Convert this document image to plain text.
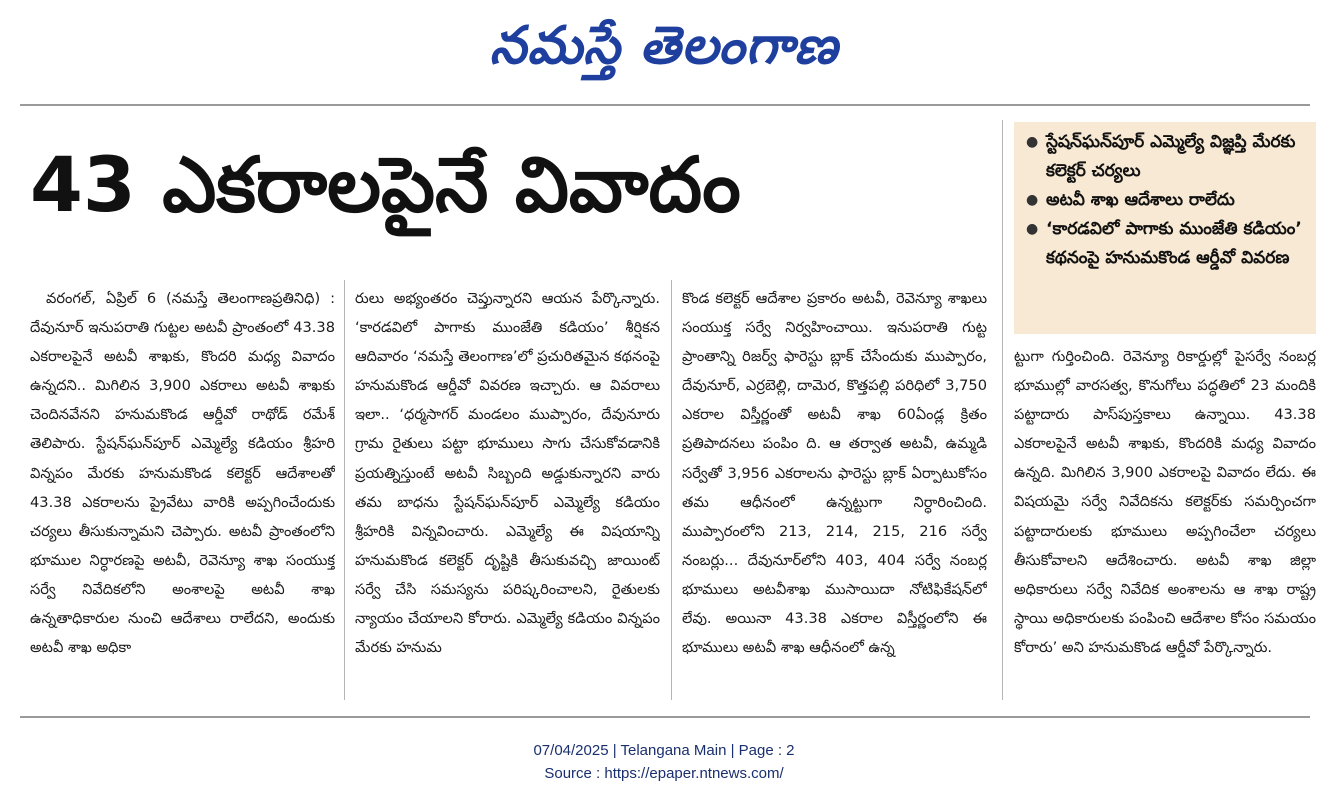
నమస్తే తెలంగాణ
43 ఎకరాలపైనే వివాదం	● స్టేషన్‌ఘన్‌పూర్ ఎమ్మెల్యే విజ్ఞప్తి మేరకు కలెక్టర్ చర్యలు
● అటవీ శాఖ ఆదేశాలు రాలేదు
● ‘కారడవిలో పాగాకు ముంజేతి కడియం’ కథనంపై హనుమకొండ ఆర్డీవో వివరణ

వరంగల్, ఏప్రిల్ 6 (నమస్తే తెలంగాణప్రతినిధి) : దేవునూర్ ఇనుపరాతి గుట్టల అటవీ ప్రాంతంలో 43.38 ఎకరాలపైనే అటవీ శాఖకు, కొందరి మధ్య వివాదం ఉన్నదని.. మిగిలిన 3,900 ఎకరాలు అటవీ శాఖకు చెందినవేనని హనుమకొండ ఆర్డీవో రాథోడ్ రమేశ్ తెలిపారు. స్టేషన్‌ఘన్‌పూర్ ఎమ్మెల్యే కడియం శ్రీహరి విన్నపం మేరకు హనుమకొండ కలెక్టర్ ఆదేశాలతో 43.38 ఎకరాలను ప్రైవేటు వారికి అప్పగించేందుకు చర్యలు తీసుకున్నామని చెప్పారు. అటవీ ప్రాంతంలోని భూముల నిర్ధారణపై అటవీ, రెవెన్యూ శాఖ సంయుక్త సర్వే నివేదికలోని అంశాలపై అటవీ శాఖ ఉన్నతాధికారుల నుంచి ఆదేశాలు రాలేదని, అందుకు అటవీ శాఖ అధికా

రులు అభ్యంతరం చెప్తున్నారని ఆయన పేర్కొన్నారు. ‘కారడవిలో పాగాకు ముంజేతి కడియం’ శీర్షికన ఆదివారం ‘నమస్తే తెలంగాణ’లో ప్రచురితమైన కథనంపై హనుమకొండ ఆర్డీవో వివరణ ఇచ్చారు. ఆ వివరాలు ఇలా.. ‘ధర్మసాగర్ మండలం ముప్పారం, దేవునూరు గ్రామ రైతులు పట్టా భూములు సాగు చేసుకోవడానికి ప్రయత్నిస్తుంటే అటవీ సిబ్బంది అడ్డుకున్నారని వారు తమ బాధను స్టేషన్‌ఘన్‌పూర్ ఎమ్మెల్యే కడియం శ్రీహరికి విన్నవించారు. ఎమ్మెల్యే ఈ విషయాన్ని హనుమకొండ కలెక్టర్ దృష్టికి తీసుకువచ్చి జాయింట్ సర్వే చేసి సమస్యను పరిష్కరించాలని, రైతులకు న్యాయం చేయాలని కోరారు. ఎమ్మెల్యే కడియం విన్నపం మేరకు హనుమ

కొండ కలెక్టర్ ఆదేశాల ప్రకారం అటవీ, రెవెన్యూ శాఖలు సంయుక్త సర్వే నిర్వహించాయి. ఇనుపరాతి గుట్ట ప్రాంతాన్ని రిజర్వ్ ఫారెస్టు బ్లాక్ చేసేందుకు ముప్పారం, దేవునూర్, ఎర్రబెల్లి, దామెర, కొత్తపల్లి పరిధిలో 3,750 ఎకరాల విస్తీర్ణంతో అటవీ శాఖ 60ఏండ్ల క్రితం ప్రతిపాదనలు పంపిం ది. ఆ తర్వాత అటవీ, ఉమ్మడి సర్వేతో 3,956 ఎకరాలను ఫారెస్టు బ్లాక్ ఏర్పాటుకోసం తమ ఆధీనంలో ఉన్నట్టుగా నిర్ధారించింది. ముప్పారంలోని 213, 214, 215, 216 సర్వే నంబర్లు... దేవునూర్‌లోని 403, 404 సర్వే నంబర్ల భూములు అటవీశాఖ ముసాయిదా నోటిఫికేషన్‌లో లేవు. అయినా 43.38 ఎకరాల విస్తీర్ణంలోని ఈ భూములు అటవీ శాఖ ఆధీనంలో ఉన్న

ట్టుగా గుర్తించింది. రెవెన్యూ రికార్డుల్లో పైసర్వే నంబర్ల భూముల్లో వారసత్వ, కొనుగోలు పద్ధతిలో 23 మందికి పట్టాదారు పాస్‌పుస్తకాలు ఉన్నాయి. 43.38 ఎకరాలపైనే అటవీ శాఖకు, కొందరికి మధ్య వివాదం ఉన్నది. మిగిలిన 3,900 ఎకరాలపై వివాదం లేదు. ఈ విషయమై సర్వే నివేదికను కలెక్టర్‌కు సమర్పించగా పట్టాదారులకు భూములు అప్పగించేలా చర్యలు తీసుకోవాలని ఆదేశించారు. అటవీ శాఖ జిల్లా అధికారులు సర్వే నివేదిక అంశాలను ఆ శాఖ రాష్ట్ర స్థాయి అధికారులకు పంపించి ఆదేశాల కోసం సమయం కోరారు’ అని హనుమకొండ ఆర్డీవో పేర్కొన్నారు.

07/04/2025 | Telangana Main | Page : 2
Source : https://epaper.ntnews.com/
